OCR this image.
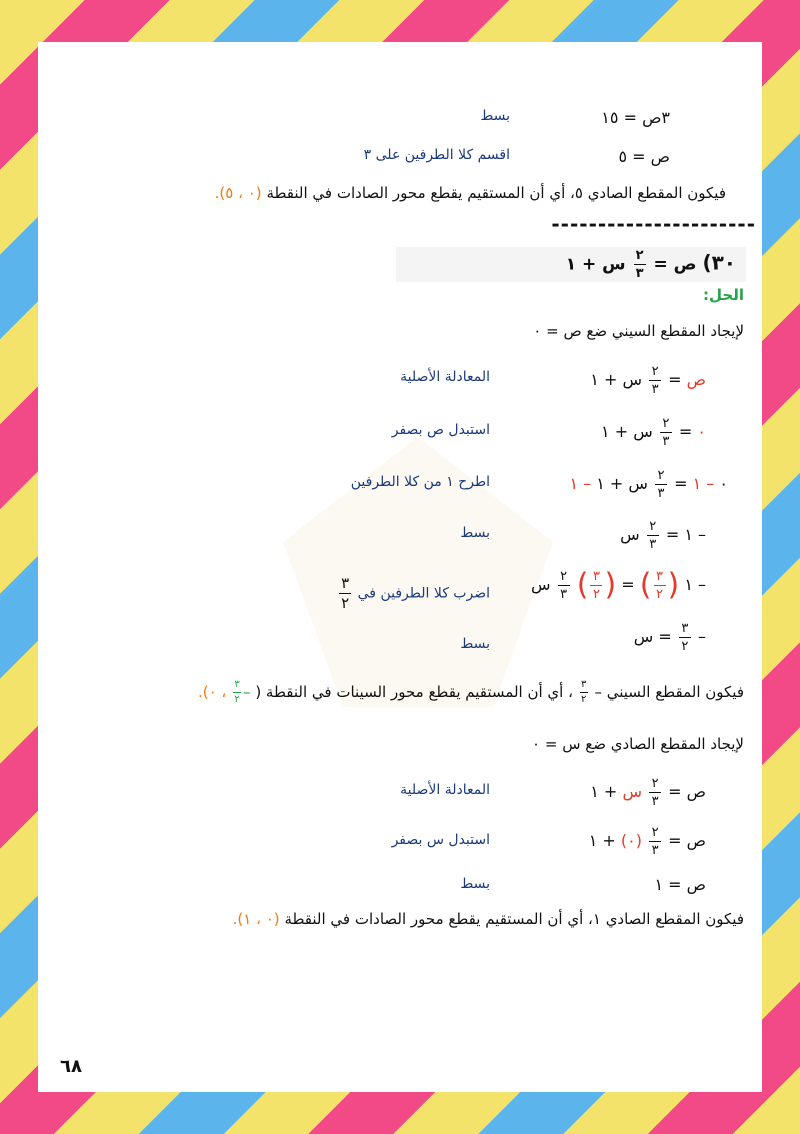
٣ص = ١٥
بسط
ص = ٥
اقسم كلا الطرفين على ٣
فيكون المقطع الصادي ٥، أي أن المستقيم يقطع محور الصادات في النقطة (٠ ، ٥).
----------------------
٣٠) ص =
$\frac{٢}{٣}$
س + ١
الحل:
لإيجاد المقطع السيني ضع ص = ٠
ص =
$\frac{٢}{٣}$
س + ١
المعادلة الأصلية
٠ =
$\frac{٢}{٣}$
س + ١
استبدل ص بصفر
٠ – ١ =
$\frac{٢}{٣}$
س + ١ – ١
اطرح ١ من كلا الطرفين
– ١ =
$\frac{٢}{٣}$
س
بسط
– ١ (
$\frac{٣}{٢}$
) = (
$\frac{٣}{٢}$
)
$\frac{٢}{٣}$
س
اضرب كلا الطرفين في
$\frac{٣}{٢}$
–
$\frac{٣}{٢}$
= س
بسط
فيكون المقطع السيني –
$\frac{٣}{٢}$
، أي أن المستقيم يقطع محور السينات في النقطة ( –
$\frac{٣}{٢}$
، ٠).
لإيجاد المقطع الصادي ضع س = ٠
ص =
$\frac{٢}{٣}$
س + ١
المعادلة الأصلية
ص =
$\frac{٢}{٣}$
(٠) + ١
استبدل س بصفر
ص = ١
بسط
فيكون المقطع الصادي ١، أي أن المستقيم يقطع محور الصادات في النقطة (٠ ، ١).
٦٨
